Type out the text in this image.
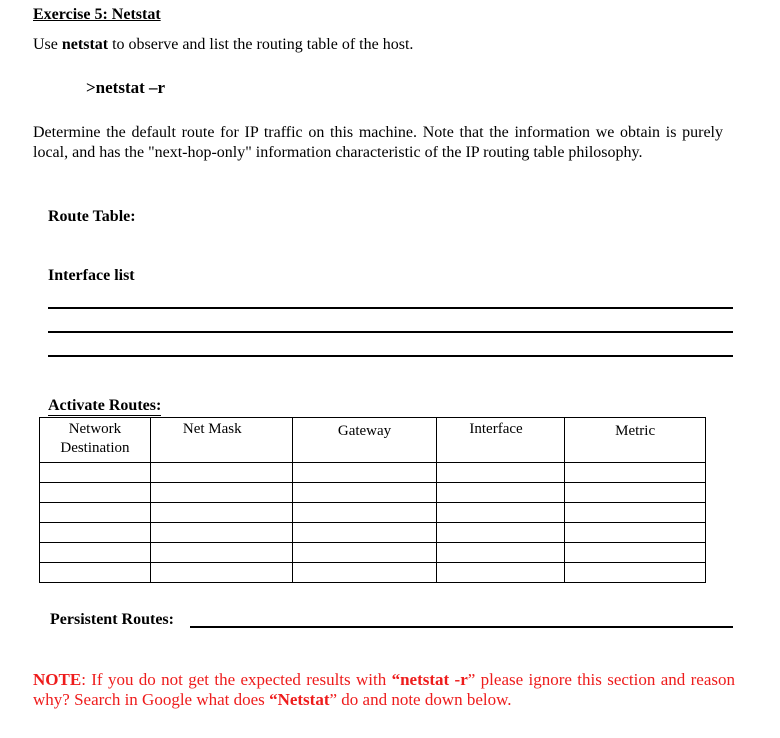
Exercise 5: Netstat
Use netstat to observe and list the routing table of the host.
>netstat –r
Determine the default route for IP traffic on this machine. Note that the information we obtain is purely local, and has the "next-hop-only" information characteristic of the IP routing table philosophy.
Route Table:
Interface list
Activate Routes:
Network Destination	Net Mask	Gateway	Interface	Metric

Persistent Routes:
NOTE: If you do not get the expected results with “netstat -r” please ignore this section and reason why? Search in Google what does “Netstat” do and note down below.
